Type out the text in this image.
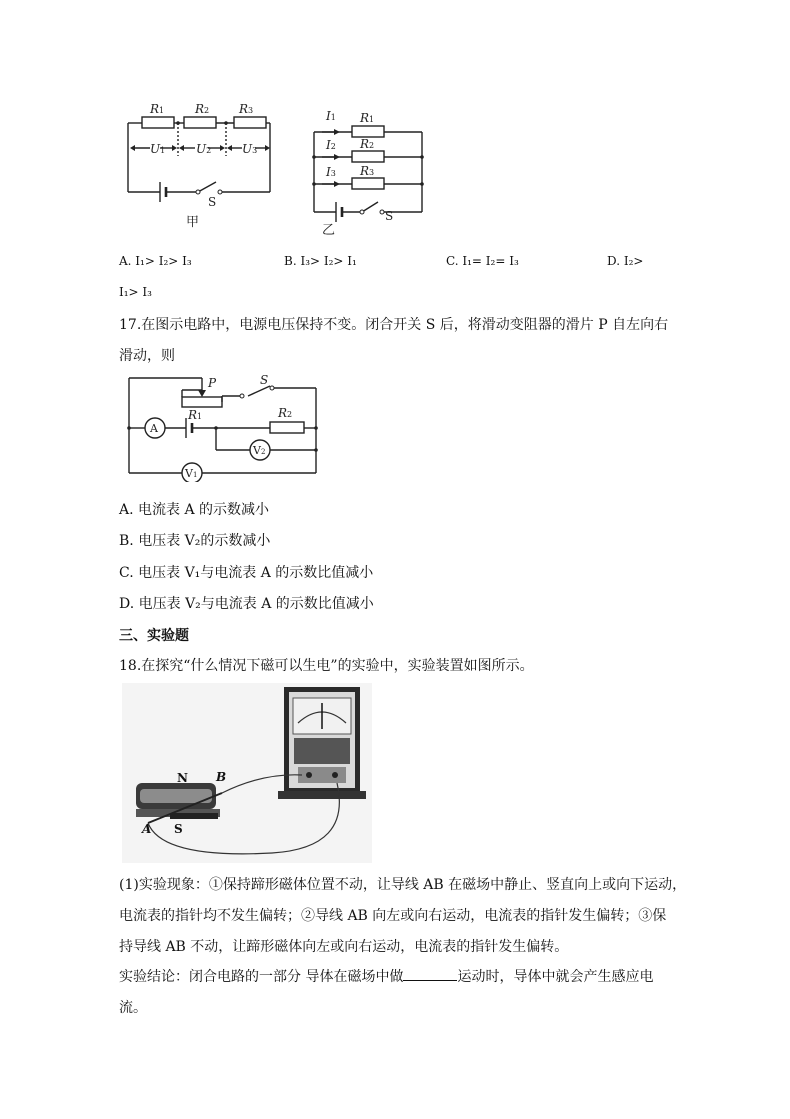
R1	R2 R3
U1	U2	U3
S
甲
I1
I2
I3
R1
R2
R3
S
乙
A. I₁> I₂> I₃	B. I₃> I₂> I₁	C. I₁= I₂= I₃	D. I₂>
I₁> I₃
17.在图示电路中，电源电压保持不变。闭合开关 S 后，将滑动变阻器的滑片 P 自左向右
滑动，则
P	S
R1	R2
A
V2
V1
A. 电流表 A 的示数减小
B. 电压表 V₂的示数减小
C. 电压表 V₁与电流表 A 的示数比值减小
D. 电压表 V₂与电流表 A 的示数比值减小
三、实验题
18.在探究“什么情况下磁可以生电”的实验中，实验装置如图所示。
N
S
A
B
(1)实验现象：①保持蹄形磁体位置不动，让导线 AB 在磁场中静止、竖直向上或向下运动，
电流表的指针均不发生偏转；②导线 AB 向左或向右运动，电流表的指针发生偏转；③保
持导线 AB 不动，让蹄形磁体向左或向右运动，电流表的指针发生偏转。
实验结论：闭合电路的一部分 导体在磁场中做	运动时，导体中就会产生感应电
流。
